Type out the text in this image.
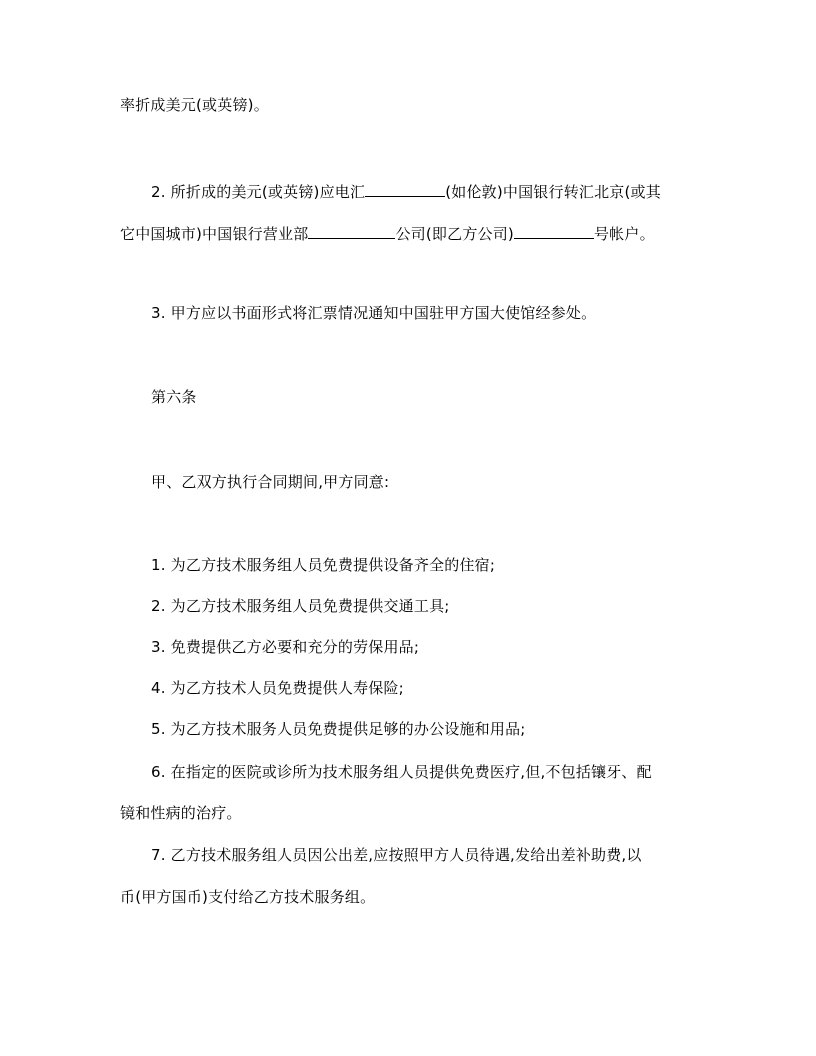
率折成美元(或英镑)。
2. 所折成的美元(或英镑)应电汇	(如伦敦)中国银行转汇北京(或其
它中国城市)中国银行营业部	公司(即乙方公司)	号帐户。
3. 甲方应以书面形式将汇票情况通知中国驻甲方国大使馆经参处。
第六条
甲、乙双方执行合同期间,甲方同意:
1. 为乙方技术服务组人员免费提供设备齐全的住宿;
2. 为乙方技术服务组人员免费提供交通工具;
3. 免费提供乙方必要和充分的劳保用品;
4. 为乙方技术人员免费提供人寿保险;
5. 为乙方技术服务人员免费提供足够的办公设施和用品;
6. 在指定的医院或诊所为技术服务组人员提供免费医疗,但,不包括镶牙、配
镜和性病的治疗。
7. 乙方技术服务组人员因公出差,应按照甲方人员待遇,发给出差补助费,以
币(甲方国币)支付给乙方技术服务组。
